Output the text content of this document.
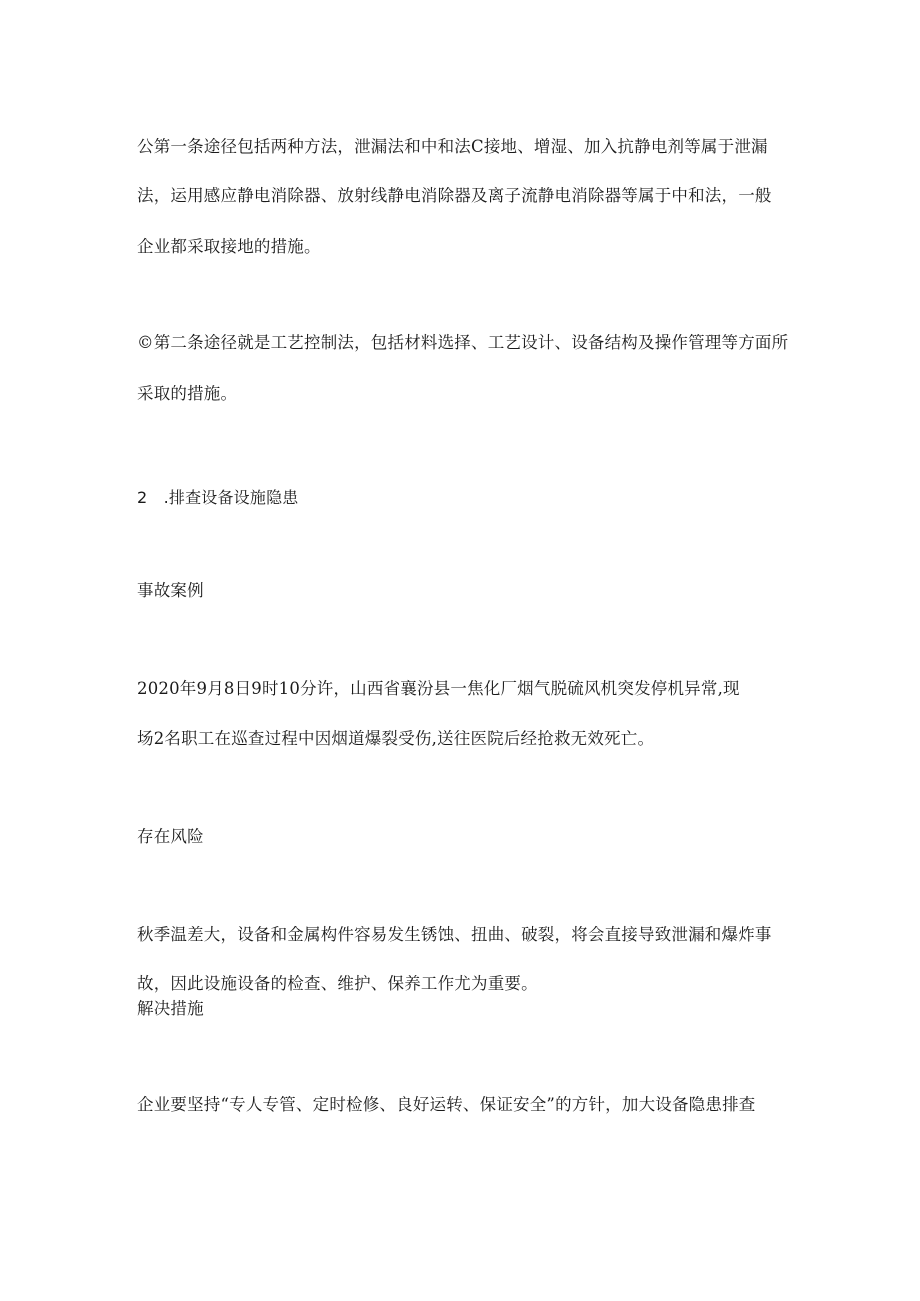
公第一条途径包括两种方法，泄漏法和中和法C接地、增湿、加入抗静电剂等属于泄漏
法，运用感应静电消除器、放射线静电消除器及离子流静电消除器等属于中和法，一般
企业都采取接地的措施。
©第二条途径就是工艺控制法，包括材料选择、工艺设计、设备结构及操作管理等方面所
采取的措施。
2　.排查设备设施隐患
事故案例
2020年9月8日9时10分许，山西省襄汾县一焦化厂烟气脱硫风机突发停机异常,现
场2名职工在巡查过程中因烟道爆裂受伤,送往医院后经抢救无效死亡。
存在风险
秋季温差大，设备和金属构件容易发生锈蚀、扭曲、破裂，将会直接导致泄漏和爆炸事
故，因此设施设备的检查、维护、保养工作尤为重要。
解决措施
企业要坚持“专人专管、定时检修、良好运转、保证安全”的方针，加大设备隐患排查
